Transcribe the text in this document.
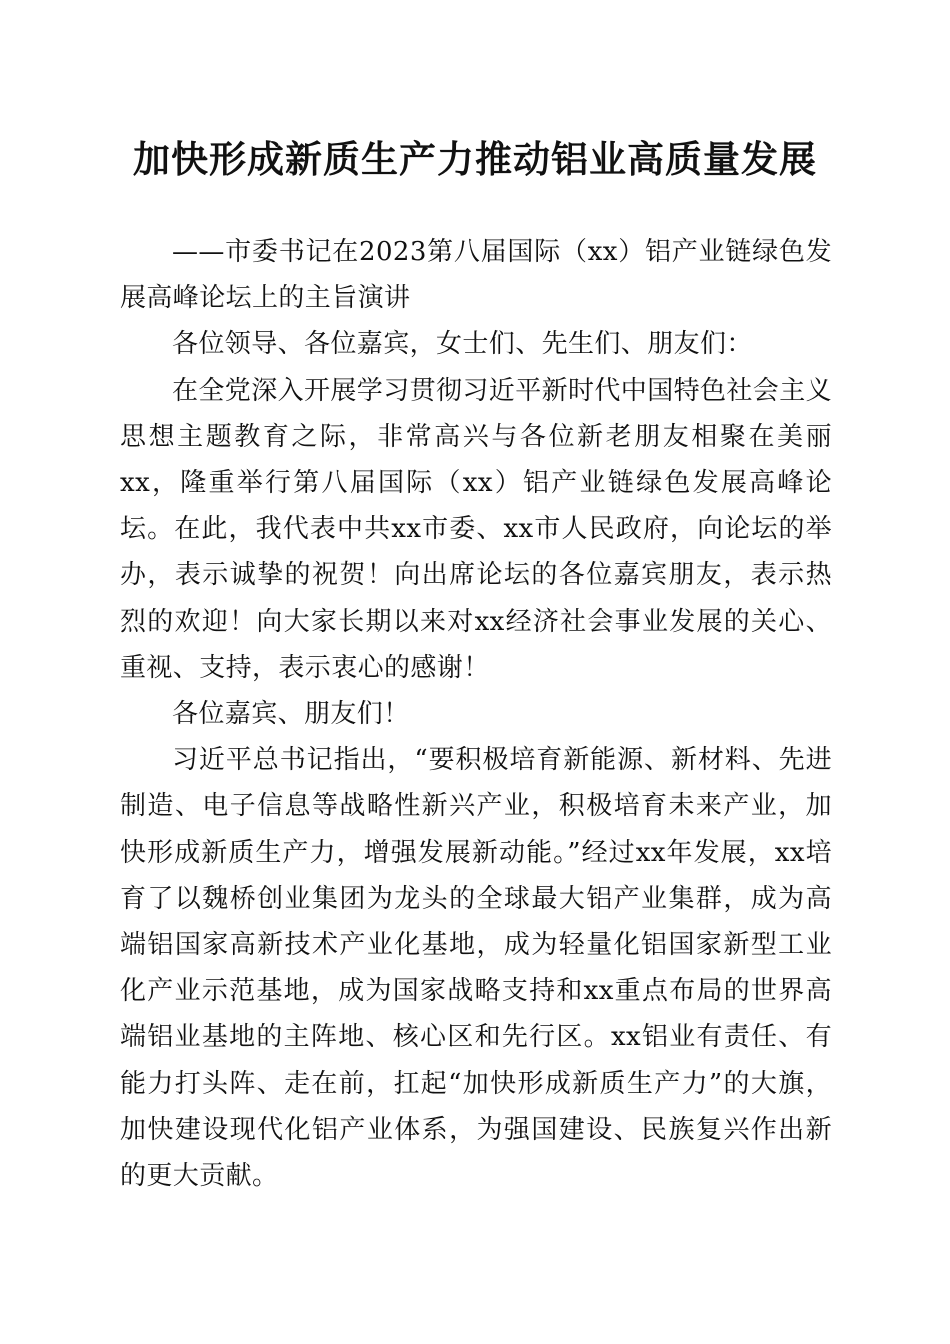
加快形成新质生产力推动铝业高质量发展

——市委书记在2023第八届国际（xx）铝产业链绿色发展高峰论坛上的主旨演讲

各位领导、各位嘉宾，女士们、先生们、朋友们：

在全党深入开展学习贯彻习近平新时代中国特色社会主义思想主题教育之际，非常高兴与各位新老朋友相聚在美丽xx，隆重举行第八届国际（xx）铝产业链绿色发展高峰论坛。在此，我代表中共xx市委、xx市人民政府，向论坛的举办，表示诚挚的祝贺！向出席论坛的各位嘉宾朋友，表示热烈的欢迎！向大家长期以来对xx经济社会事业发展的关心、重视、支持，表示衷心的感谢！

各位嘉宾、朋友们！

习近平总书记指出，“要积极培育新能源、新材料、先进制造、电子信息等战略性新兴产业，积极培育未来产业，加快形成新质生产力，增强发展新动能。”经过xx年发展，xx培育了以魏桥创业集团为龙头的全球最大铝产业集群，成为高端铝国家高新技术产业化基地，成为轻量化铝国家新型工业化产业示范基地，成为国家战略支持和xx重点布局的世界高端铝业基地的主阵地、核心区和先行区。xx铝业有责任、有能力打头阵、走在前，扛起“加快形成新质生产力”的大旗，加快建设现代化铝产业体系，为强国建设、民族复兴作出新的更大贡献。
